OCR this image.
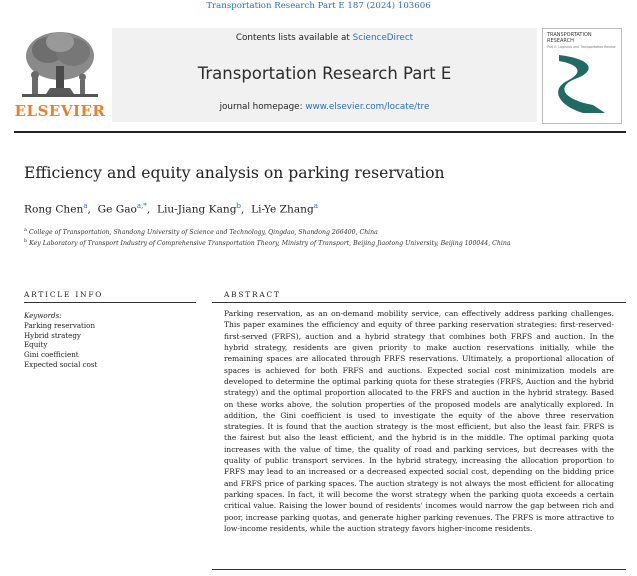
Transportation Research Part E 187 (2024) 103606
ELSEVIER
Contents lists available at ScienceDirect
Transportation Research Part E
journal homepage: www.elsevier.com/locate/tre
TRANSPORTATION RESEARCH
Part E: Logistics and Transportation Review
Efficiency and equity analysis on parking reservation
Rong Chen$^a$,  Ge Gao$^{a,*}$,  Liu-Jiang Kang$^b$,  Li-Ye Zhang$^a$
$^a$ College of Transportation, Shandong University of Science and Technology, Qingdao, Shandong 266400, China
$^b$ Key Laboratory of Transport Industry of Comprehensive Transportation Theory, Ministry of Transport, Beijing Jiaotong University, Beijing 100044, China
ARTICLE INFO	ABSTRACT
Keywords:
Parking reservation
Hybrid strategy
Equity
Gini coefficient
Expected social cost
Parking reservation, as an on-demand mobility service, can effectively address parking challenges. This paper examines the efficiency and equity of three parking reservation strategies: first-reserved-first-served (FRFS), auction and a hybrid strategy that combines both FRFS and auction. In the hybrid strategy, residents are given priority to make auction reservations initially, while the remaining spaces are allocated through FRFS reservations. Ultimately, a proportional allocation of spaces is achieved for both FRFS and auctions. Expected social cost minimization models are developed to determine the optimal parking quota for these strategies (FRFS, Auction and the hybrid strategy) and the optimal proportion allocated to the FRFS and auction in the hybrid strategy. Based on these works above, the solution properties of the proposed models are analytically explored. In addition, the Gini coefficient is used to investigate the equity of the above three reservation strategies. It is found that the auction strategy is the most efficient, but also the least fair. FRFS is the fairest but also the least efficient, and the hybrid is in the middle. The optimal parking quota increases with the value of time, the quality of road and parking services, but decreases with the quality of public transport services. In the hybrid strategy, increasing the allocation proportion to FRFS may lead to an increased or a decreased expected social cost, depending on the bidding price and FRFS price of parking spaces. The auction strategy is not always the most efficient for allocating parking spaces. In fact, it will become the worst strategy when the parking quota exceeds a certain critical value. Raising the lower bound of residents' incomes would narrow the gap between rich and poor, increase parking quotas, and generate higher parking revenues. The FRFS is more attractive to low-income residents, while the auction strategy favors higher-income residents.
